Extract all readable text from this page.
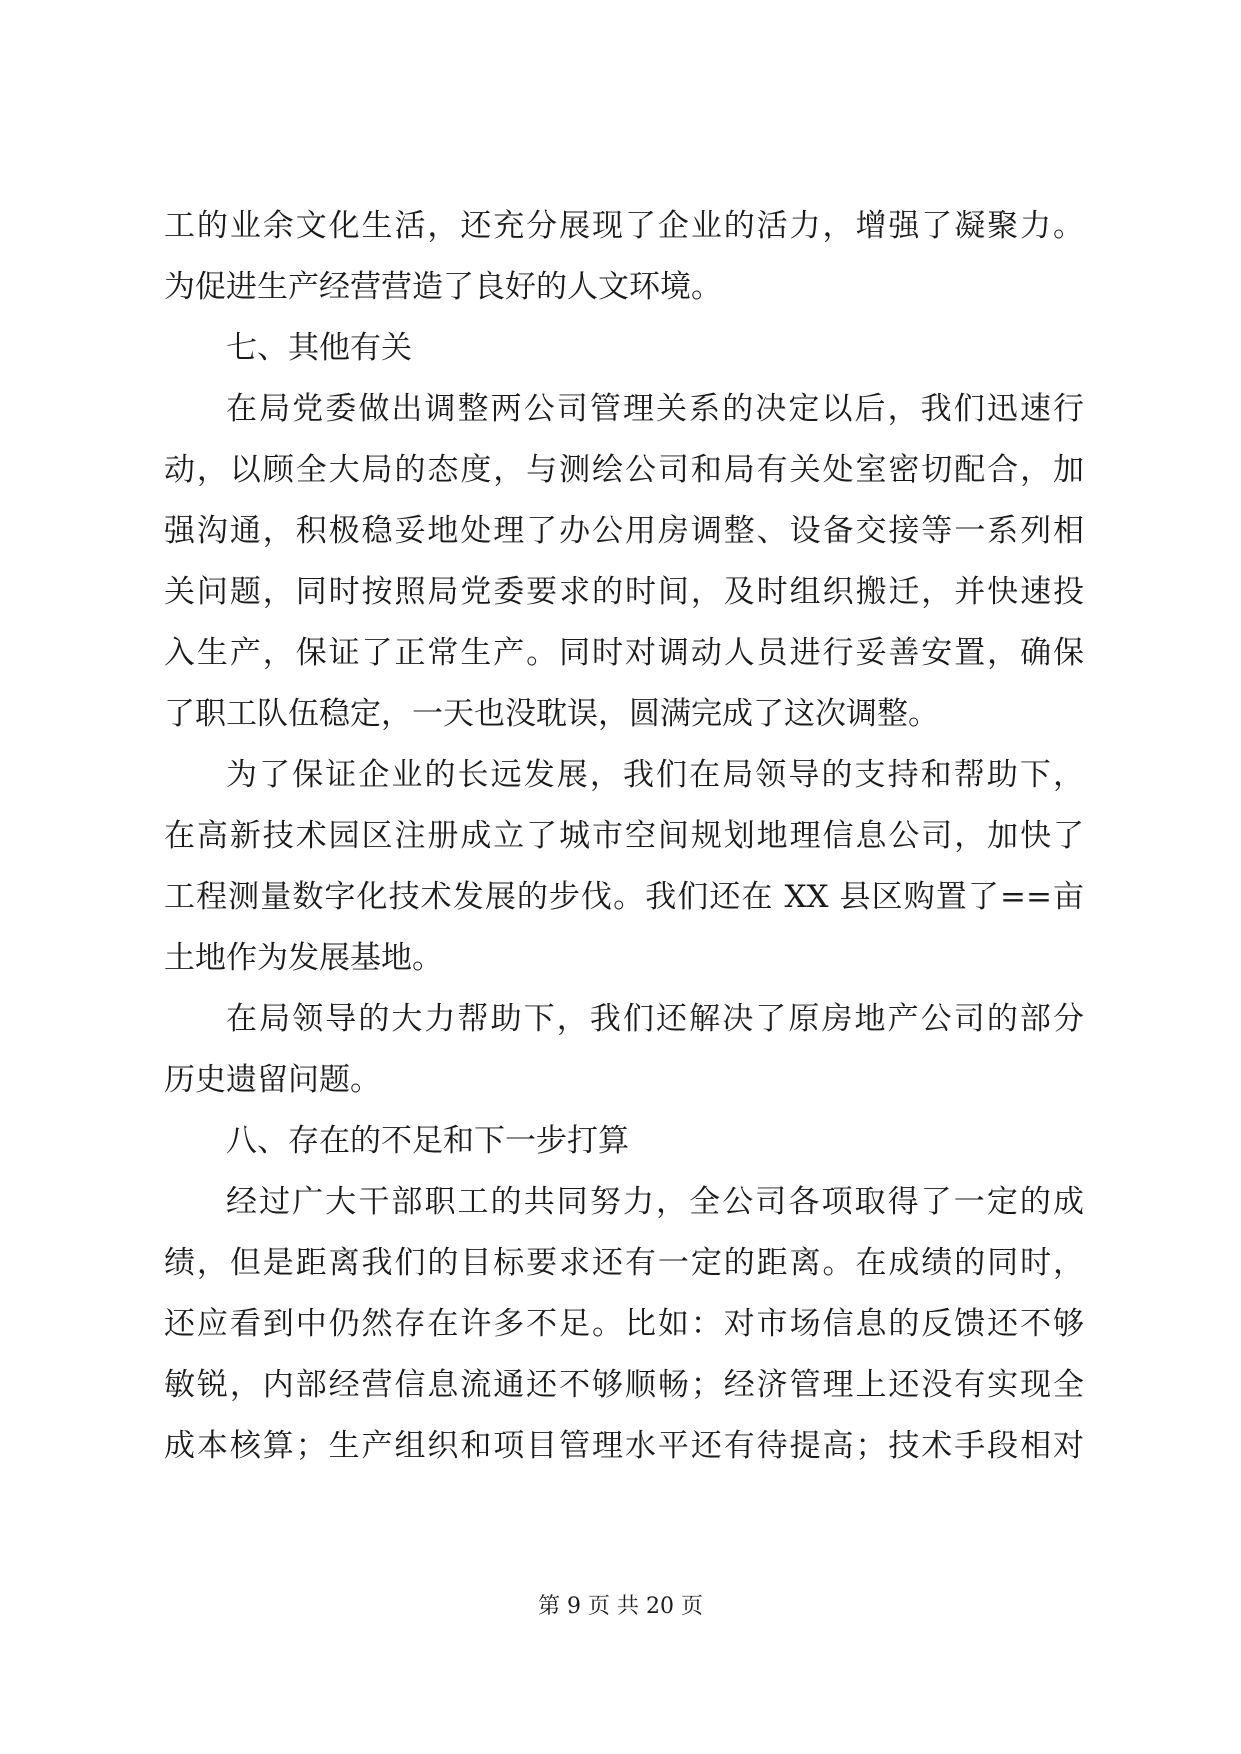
工的业余文化生活，还充分展现了企业的活力，增强了凝聚力。
为促进生产经营营造了良好的人文环境。
七、其他有关
在局党委做出调整两公司管理关系的决定以后，我们迅速行
动，以顾全大局的态度，与测绘公司和局有关处室密切配合，加
强沟通，积极稳妥地处理了办公用房调整、设备交接等一系列相
关问题，同时按照局党委要求的时间，及时组织搬迁，并快速投
入生产，保证了正常生产。同时对调动人员进行妥善安置，确保
了职工队伍稳定，一天也没耽误，圆满完成了这次调整。
为了保证企业的长远发展，我们在局领导的支持和帮助下，
在高新技术园区注册成立了城市空间规划地理信息公司，加快了
工程测量数字化技术发展的步伐。我们还在 XX 县区购置了==亩
土地作为发展基地。
在局领导的大力帮助下，我们还解决了原房地产公司的部分
历史遗留问题。
八、存在的不足和下一步打算
经过广大干部职工的共同努力，全公司各项取得了一定的成
绩，但是距离我们的目标要求还有一定的距离。在成绩的同时，
还应看到中仍然存在许多不足。比如：对市场信息的反馈还不够
敏锐，内部经营信息流通还不够顺畅；经济管理上还没有实现全
成本核算；生产组织和项目管理水平还有待提高；技术手段相对
第 9 页 共 20 页
